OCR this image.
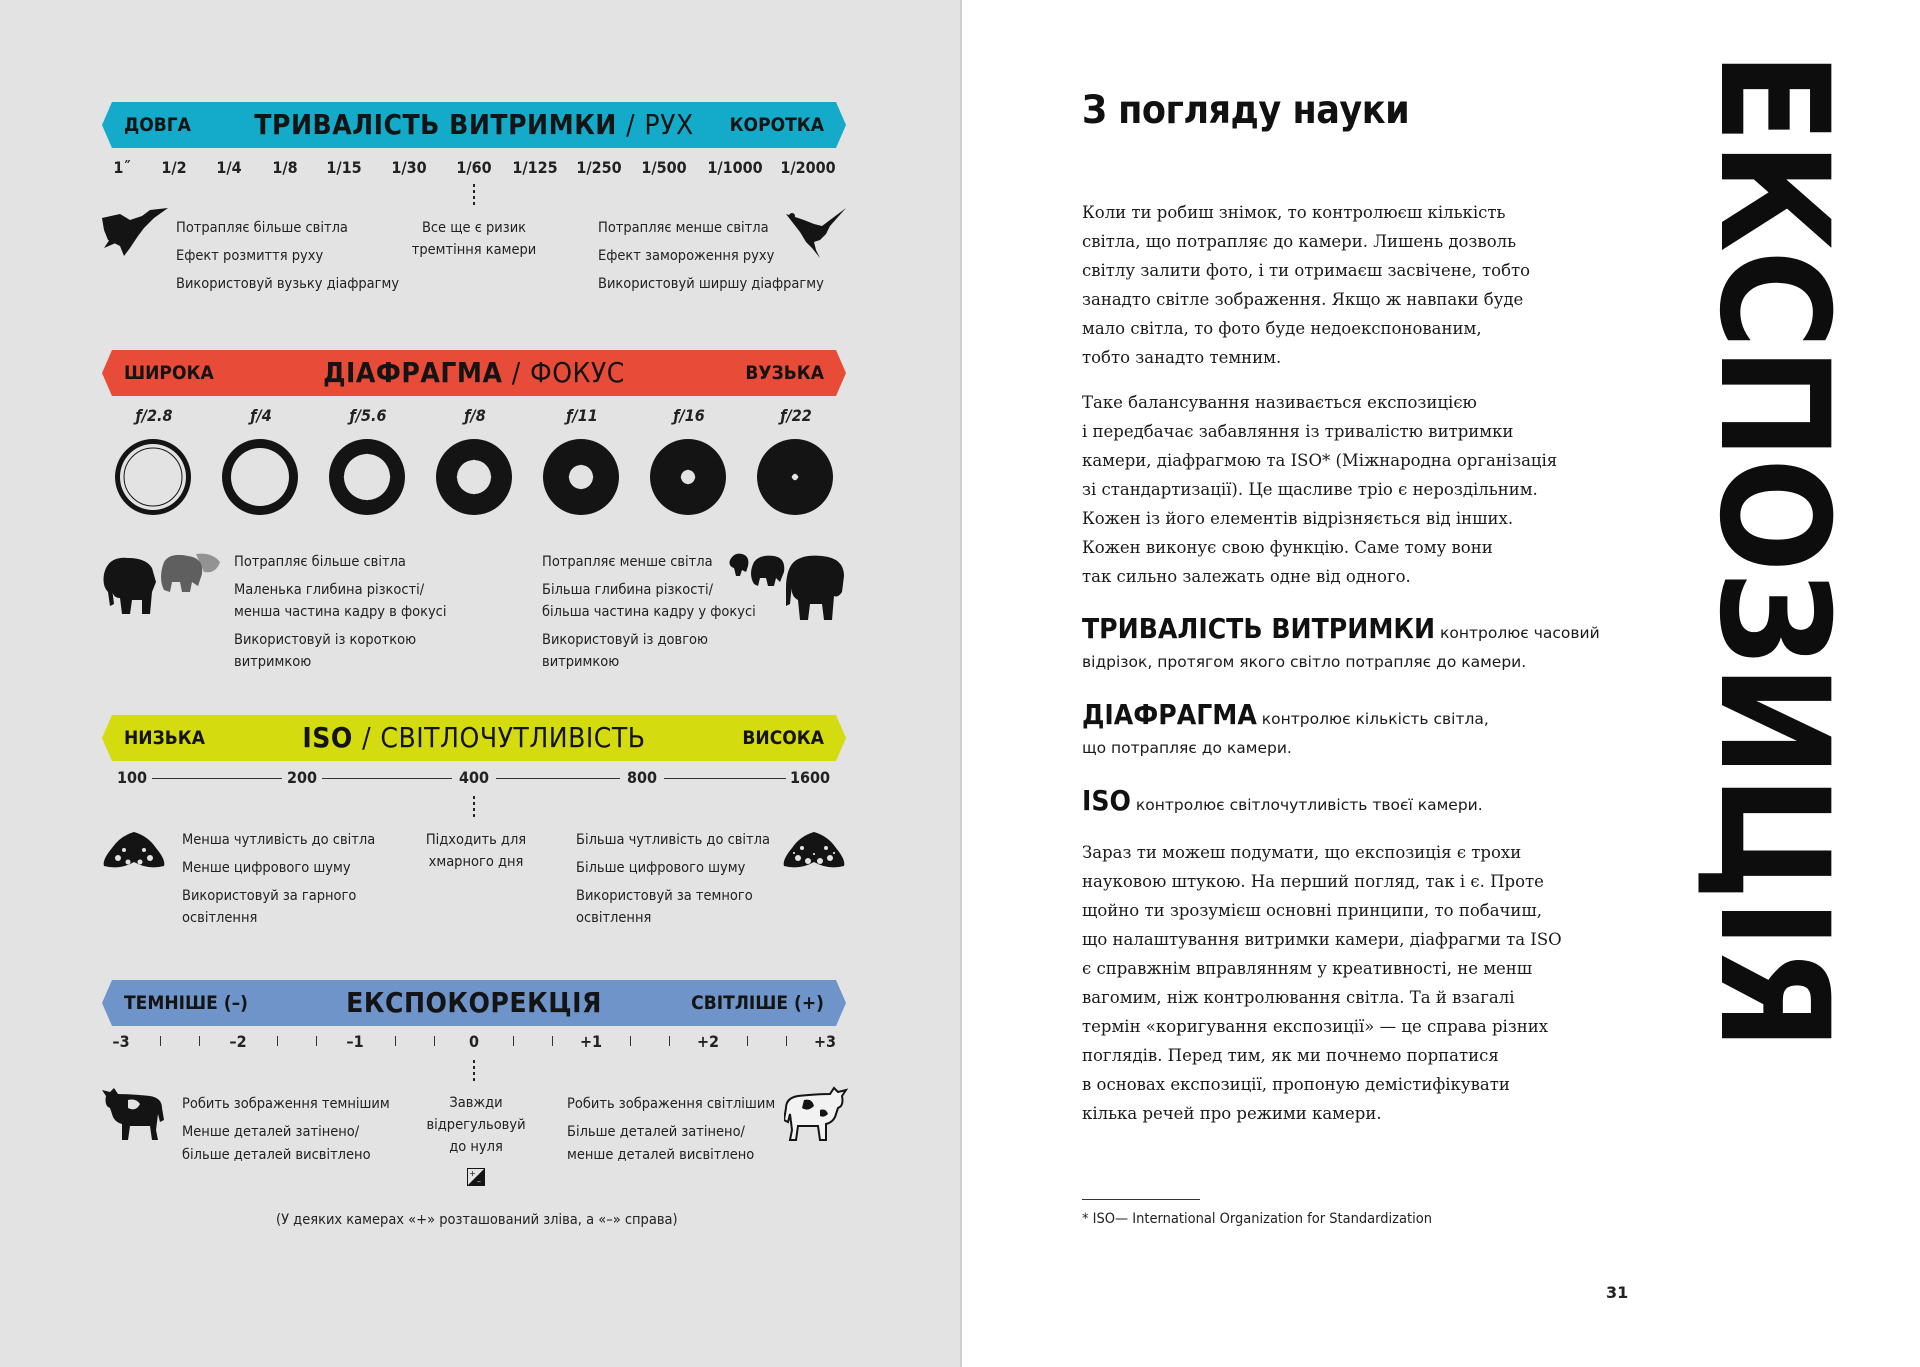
ДОВГА	ТРИВАЛІСТЬ ВИТРИМКИ / РУХ	КОРОТКА
1˝ 1/2 1/4 1/8 1/15 1/30 1/60 1/125 1/250 1/500 1/1000 1/2000
Потрапляє більше світла
Ефект розмиття руху
Використовуй вузьку діафрагму
Все ще є ризик
тремтіння камери
Потрапляє менше світла
Ефект замороження руху
Використовуй ширшу діафрагму
ШИРОКА	ДІАФРАГМА / ФОКУС	ВУЗЬКА
ƒ/2.8	ƒ/4	ƒ/5.6	ƒ/8	ƒ/11	ƒ/16	ƒ/22
Потрапляє більше світла
Маленька глибина різкості/
менша частина кадру в фокусі
Використовуй із короткою
витримкою
Потрапляє менше світла
Більша глибина різкості/
більша частина кадру у фокусі
Використовуй із довгою
витримкою
НИЗЬКА	ISO / СВІТЛОЧУТЛИВІСТЬ	ВИСОКА
100	200	400	800	1600
Менша чутливість до світла
Менше цифрового шуму
Використовуй за гарного
освітлення
Підходить для
хмарного дня
Більша чутливість до світла
Більше цифрового шуму
Використовуй за темного
освітлення
ТЕМНІШЕ (–)	ЕКСПОКОРЕКЦІЯ	СВІТЛІШЕ (+)
–3	–2	–1	0	+1	+2	+3
Робить зображення темнішим
Менше деталей затінено/
більше деталей висвітлено
Завжди
відрегульовуй
до нуля
+
–
Робить зображення світлішим
Більше деталей затінено/
менше деталей висвітлено
(У деяких камерах «+» розташований зліва, а «–» справа)
З погляду науки
Коли ти робиш знімок, то контролюєш кількість
світла, що потрапляє до камери. Лишень дозволь
світлу залити фото, і ти отримаєш засвічене, тобто
занадто світле зображення. Якщо ж навпаки буде
мало світла, то фото буде недоекспонованим,
тобто занадто темним.
Таке балансування називається експозицією
і передбачає забавляння із тривалістю витримки
камери, діафрагмою та ISO* (Міжнародна організація
зі стандартизації). Це щасливе тріо є нероздільним.
Кожен із його елементів відрізняється від інших.
Кожен виконує свою функцію. Саме тому вони
так сильно залежать одне від одного.
ТРИВАЛІСТЬ ВИТРИМКИ контролює часовий
відрізок, протягом якого світло потрапляє до камери.
ДІАФРАГМА контролює кількість світла,
що потрапляє до камери.
ISO контролює світлочутливість твоєї камери.
Зараз ти можеш подумати, що експозиція є трохи
науковою штукою. На перший погляд, так і є. Проте
щойно ти зрозумієш основні принципи, то побачиш,
що налаштування витримки камери, діафрагми та ISO
є справжнім вправлянням у креативності, не менш
вагомим, ніж контролювання світла. Та й взагалі
термін «коригування експозиції» — це справа різних
поглядів. Перед тим, як ми почнемо порпатися
в основах експозиції, пропоную демістифікувати
кілька речей про режими камери.
* ISO— International Organization for Standardization
31
ЕКСПОЗИЦІЯ
